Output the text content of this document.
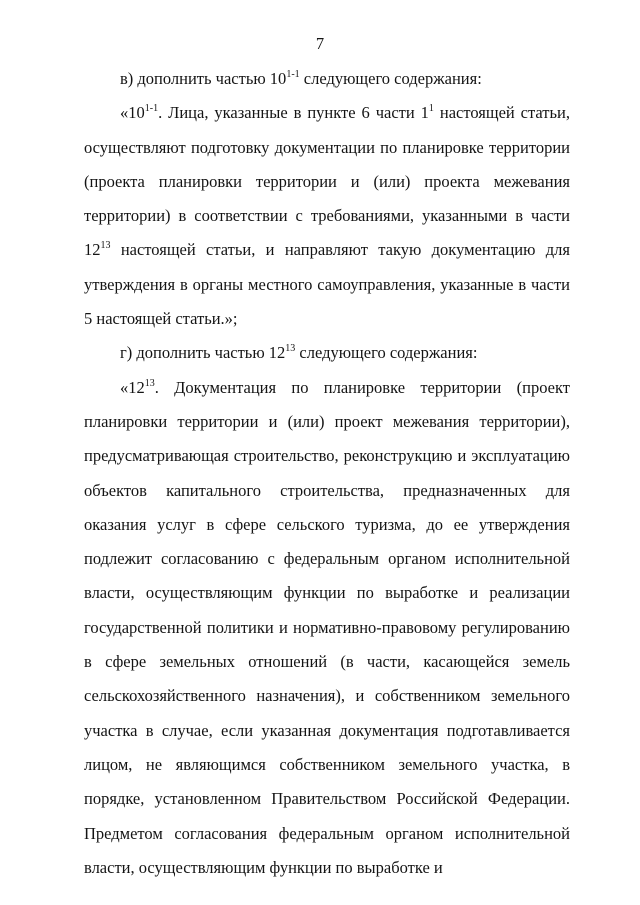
7

в) дополнить частью 10$^{1-1}$ следующего содержания:

«10$^{1-1}$. Лица, указанные в пункте 6 части $1^1$ настоящей статьи, осуществляют подготовку документации по планировке территории (проекта планировки территории и (или) проекта межевания территории) в соответствии с требованиями, указанными в части $12^{13}$ настоящей статьи, и направляют такую документацию для утверждения в органы местного самоуправления, указанные в части 5 настоящей статьи.»;

г) дополнить частью $12^{13}$ следующего содержания:

«$12^{13}$. Документация по планировке территории (проект планировки территории и (или) проект межевания территории), предусматривающая строительство, реконструкцию и эксплуатацию объектов капитального строительства, предназначенных для оказания услуг в сфере сельского туризма, до ее утверждения подлежит согласованию с федеральным органом исполнительной власти, осуществляющим функции по выработке и реализации государственной политики и нормативно-правовому регулированию в сфере земельных отношений (в части, касающейся земель сельскохозяйственного назначения), и собственником земельного участка в случае, если указанная документация подготавливается лицом, не являющимся собственником земельного участка, в порядке, установленном Правительством Российской Федерации. Предметом согласования федеральным органом исполнительной власти, осуществляющим функции по выработке и
